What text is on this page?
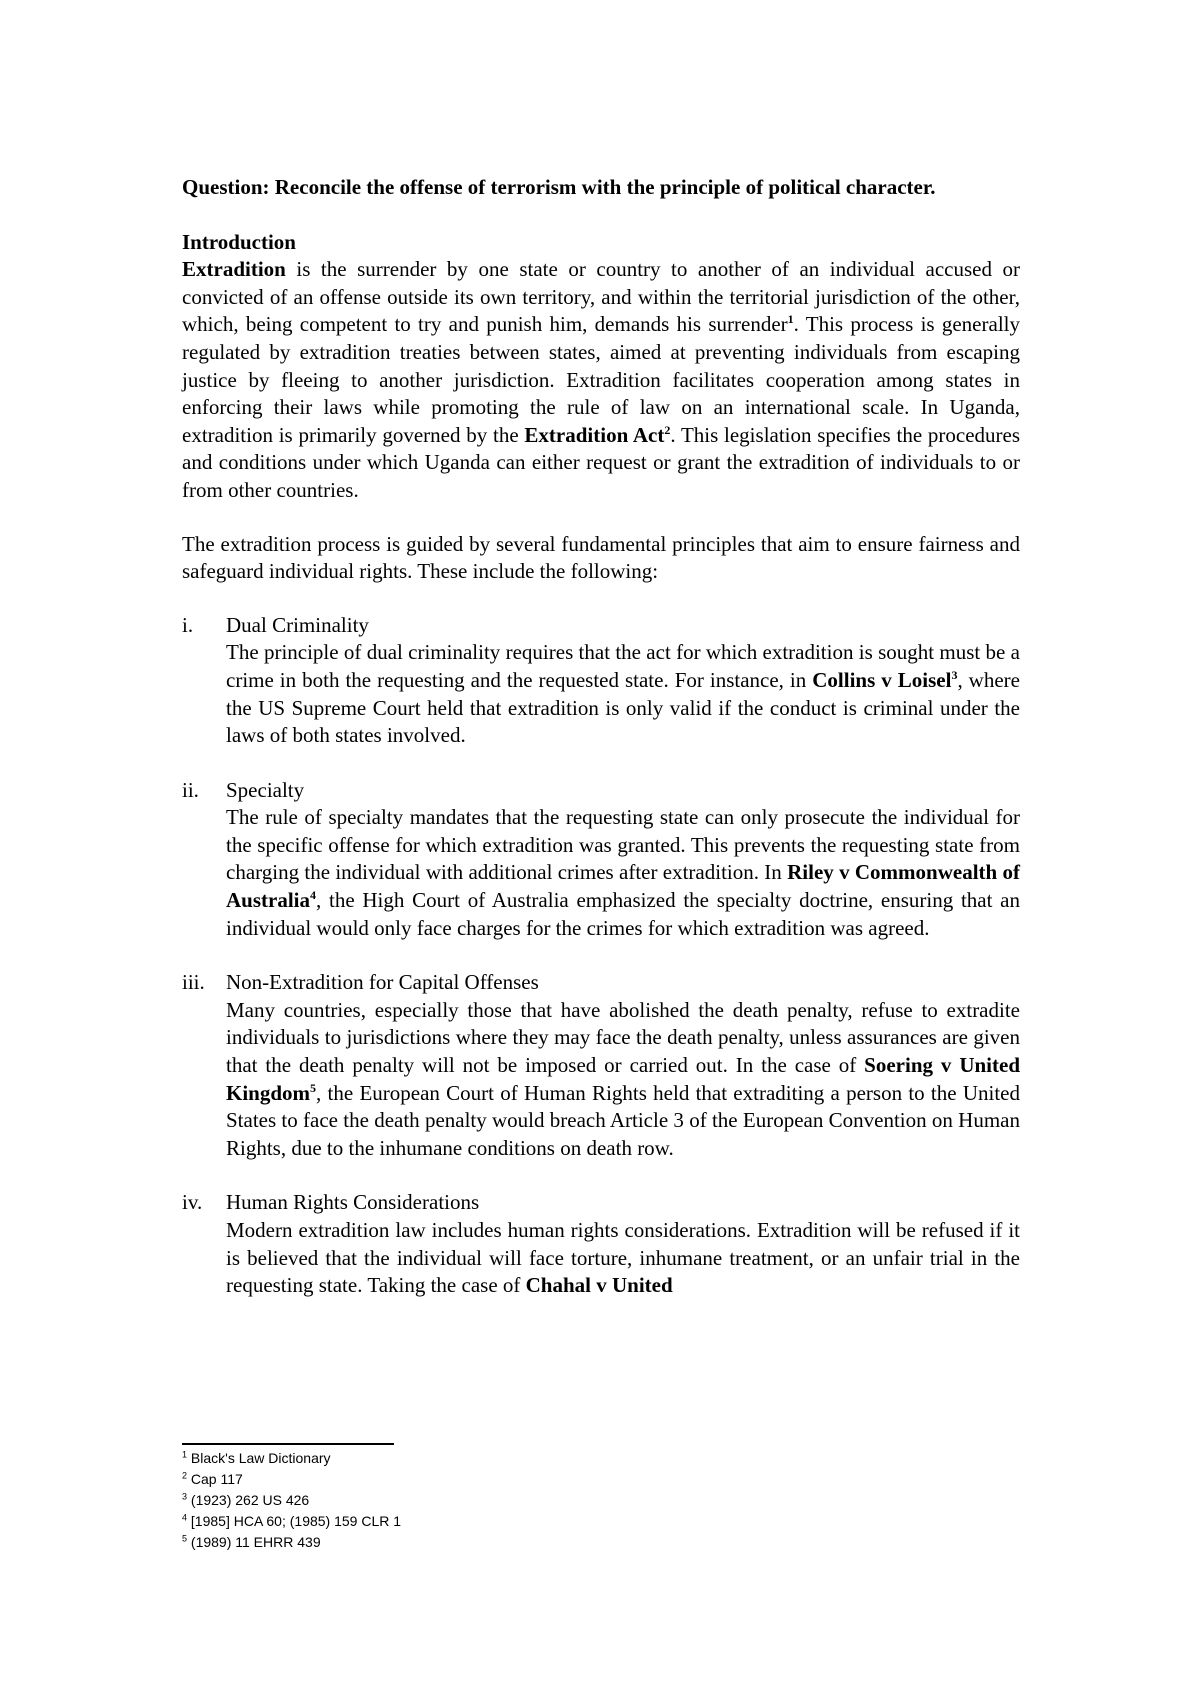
Question: Reconcile the offense of terrorism with the principle of political character.

Introduction

Extradition is the surrender by one state or country to another of an individual accused or convicted of an offense outside its own territory, and within the territorial jurisdiction of the other, which, being competent to try and punish him, demands his surrender$^1$. This process is generally regulated by extradition treaties between states, aimed at preventing individuals from escaping justice by fleeing to another jurisdiction. Extradition facilitates cooperation among states in enforcing their laws while promoting the rule of law on an international scale. In Uganda, extradition is primarily governed by the Extradition Act$^2$. This legislation specifies the procedures and conditions under which Uganda can either request or grant the extradition of individuals to or from other countries.

The extradition process is guided by several fundamental principles that aim to ensure fairness and safeguard individual rights. These include the following:

i.	Dual Criminality

The principle of dual criminality requires that the act for which extradition is sought must be a crime in both the requesting and the requested state. For instance, in Collins v Loisel$^3$, where the US Supreme Court held that extradition is only valid if the conduct is criminal under the laws of both states involved.

ii.	Specialty

The rule of specialty mandates that the requesting state can only prosecute the individual for the specific offense for which extradition was granted. This prevents the requesting state from charging the individual with additional crimes after extradition. In Riley v Commonwealth of Australia$^4$, the High Court of Australia emphasized the specialty doctrine, ensuring that an individual would only face charges for the crimes for which extradition was agreed.

iii.	Non-Extradition for Capital Offenses

Many countries, especially those that have abolished the death penalty, refuse to extradite individuals to jurisdictions where they may face the death penalty, unless assurances are given that the death penalty will not be imposed or carried out. In the case of Soering v United Kingdom$^5$, the European Court of Human Rights held that extraditing a person to the United States to face the death penalty would breach Article 3 of the European Convention on Human Rights, due to the inhumane conditions on death row.

iv.	Human Rights Considerations

Modern extradition law includes human rights considerations. Extradition will be refused if it is believed that the individual will face torture, inhumane treatment, or an unfair trial in the requesting state. Taking the case of Chahal v United

$^1$ Black's Law Dictionary
$^2$ Cap 117
$^3$ (1923) 262 US 426
$^4$ [1985] HCA 60; (1985) 159 CLR 1
$^5$ (1989) 11 EHRR 439
